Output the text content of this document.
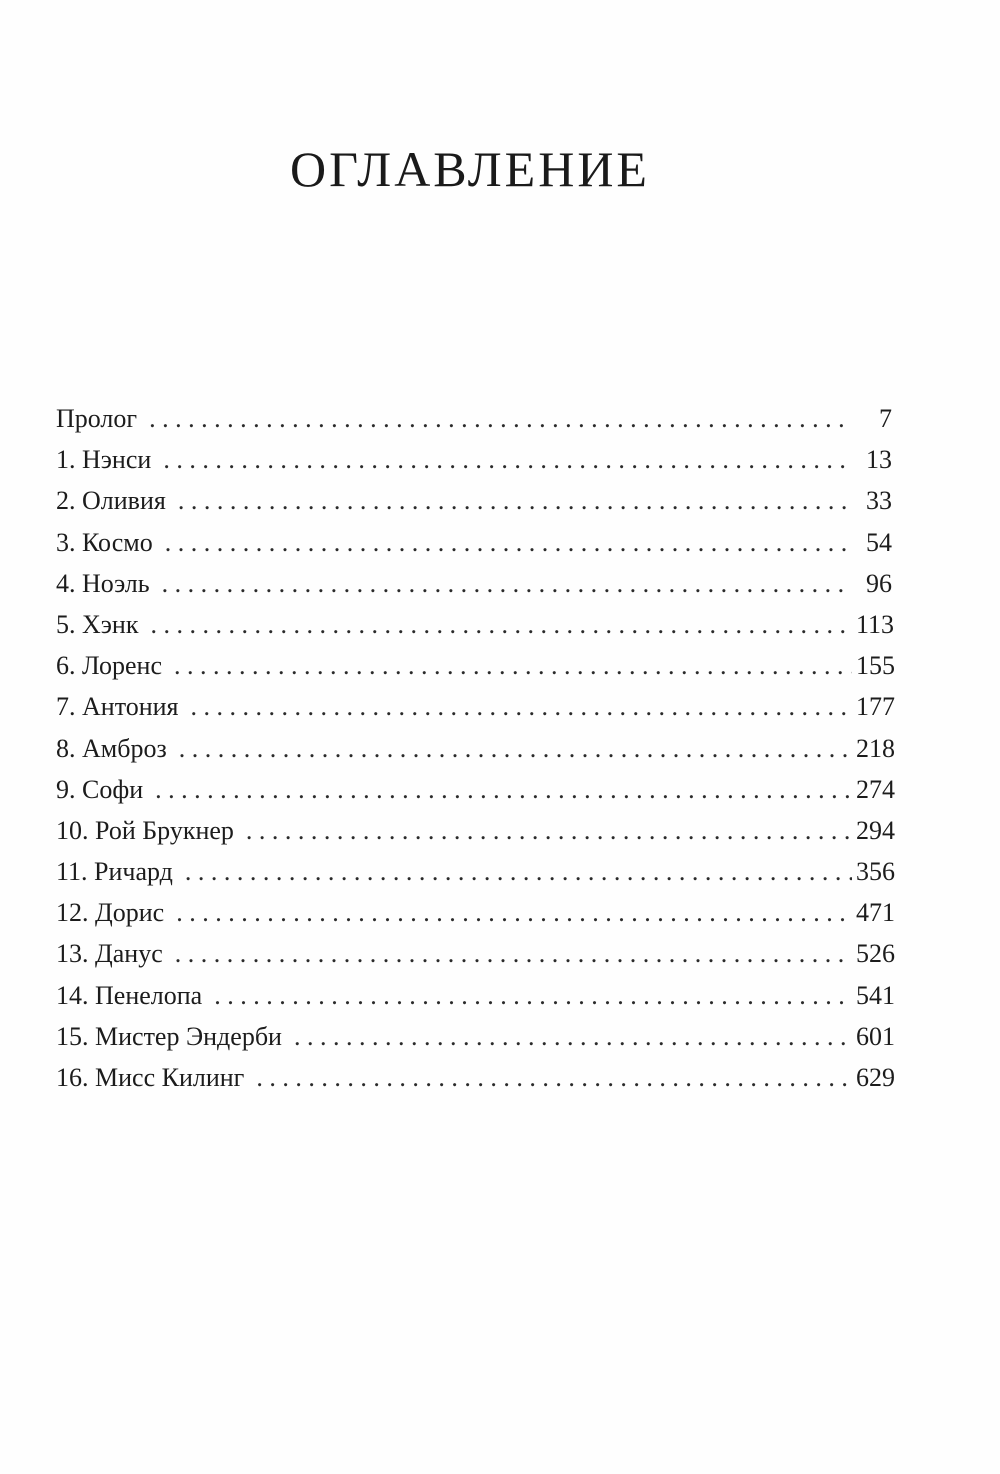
ОГЛАВЛЕНИЕ
Пролог . . .	7
1. Нэнси . . .	13
2. Оливия . . .	33
3. Космо . . .	54
4. Ноэль . . .	96
5. Хэнк . . .	113
6. Лоренс . . .	155
7. Антония . . .	177
8. Амброз . . .	218
9. Софи . . .	274
10. Рой Брукнер . . .	294
11. Ричард . . .	356
12. Дорис . . .	471
13. Данус . . .	526
14. Пенелопа . . .	541
15. Мистер Эндерби . . .	601
16. Мисс Килинг . . .	629
